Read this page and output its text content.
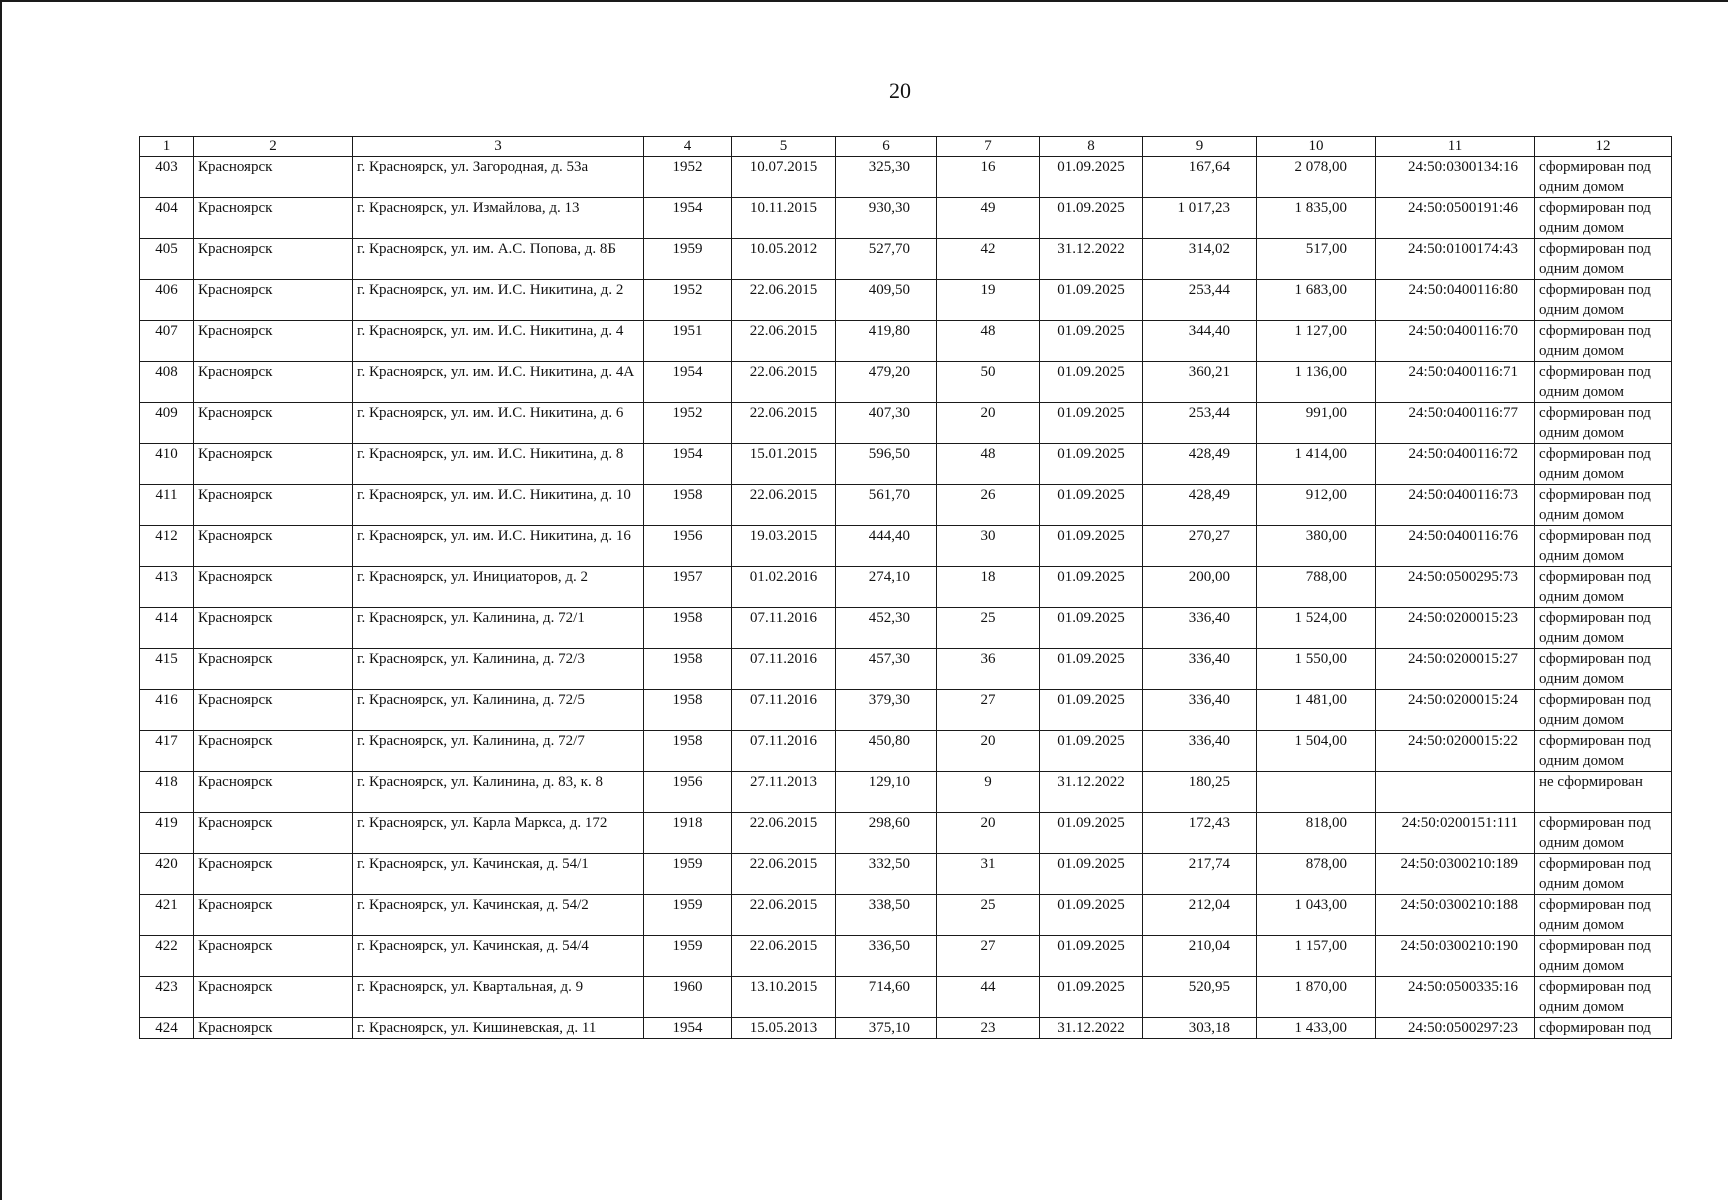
20
1	2	3	4	5	6	7	8	9	10	11	12
403	Красноярск	г. Красноярск, ул. Загородная, д. 53а	1952	10.07.2015	325,30	16	01.09.2025	167,64	2 078,00	24:50:0300134:16	сформирован под одним домом
404	Красноярск	г. Красноярск, ул. Измайлова, д. 13	1954	10.11.2015	930,30	49	01.09.2025	1 017,23	1 835,00	24:50:0500191:46	сформирован под одним домом
405	Красноярск	г. Красноярск, ул. им. А.С. Попова, д. 8Б	1959	10.05.2012	527,70	42	31.12.2022	314,02	517,00	24:50:0100174:43	сформирован под одним домом
406	Красноярск	г. Красноярск, ул. им. И.С. Никитина, д. 2	1952	22.06.2015	409,50	19	01.09.2025	253,44	1 683,00	24:50:0400116:80	сформирован под одним домом
407	Красноярск	г. Красноярск, ул. им. И.С. Никитина, д. 4	1951	22.06.2015	419,80	48	01.09.2025	344,40	1 127,00	24:50:0400116:70	сформирован под одним домом
408	Красноярск	г. Красноярск, ул. им. И.С. Никитина, д. 4А	1954	22.06.2015	479,20	50	01.09.2025	360,21	1 136,00	24:50:0400116:71	сформирован под одним домом
409	Красноярск	г. Красноярск, ул. им. И.С. Никитина, д. 6	1952	22.06.2015	407,30	20	01.09.2025	253,44	991,00	24:50:0400116:77	сформирован под одним домом
410	Красноярск	г. Красноярск, ул. им. И.С. Никитина, д. 8	1954	15.01.2015	596,50	48	01.09.2025	428,49	1 414,00	24:50:0400116:72	сформирован под одним домом
411	Красноярск	г. Красноярск, ул. им. И.С. Никитина, д. 10	1958	22.06.2015	561,70	26	01.09.2025	428,49	912,00	24:50:0400116:73	сформирован под одним домом
412	Красноярск	г. Красноярск, ул. им. И.С. Никитина, д. 16	1956	19.03.2015	444,40	30	01.09.2025	270,27	380,00	24:50:0400116:76	сформирован под одним домом
413	Красноярск	г. Красноярск, ул. Инициаторов, д. 2	1957	01.02.2016	274,10	18	01.09.2025	200,00	788,00	24:50:0500295:73	сформирован под одним домом
414	Красноярск	г. Красноярск, ул. Калинина, д. 72/1	1958	07.11.2016	452,30	25	01.09.2025	336,40	1 524,00	24:50:0200015:23	сформирован под одним домом
415	Красноярск	г. Красноярск, ул. Калинина, д. 72/3	1958	07.11.2016	457,30	36	01.09.2025	336,40	1 550,00	24:50:0200015:27	сформирован под одним домом
416	Красноярск	г. Красноярск, ул. Калинина, д. 72/5	1958	07.11.2016	379,30	27	01.09.2025	336,40	1 481,00	24:50:0200015:24	сформирован под одним домом
417	Красноярск	г. Красноярск, ул. Калинина, д. 72/7	1958	07.11.2016	450,80	20	01.09.2025	336,40	1 504,00	24:50:0200015:22	сформирован под одним домом
418	Красноярск	г. Красноярск, ул. Калинина, д. 83, к. 8	1956	27.11.2013	129,10	9	31.12.2022	180,25			не сформирован
419	Красноярск	г. Красноярск, ул. Карла Маркса, д. 172	1918	22.06.2015	298,60	20	01.09.2025	172,43	818,00	24:50:0200151:111	сформирован под одним домом
420	Красноярск	г. Красноярск, ул. Качинская, д. 54/1	1959	22.06.2015	332,50	31	01.09.2025	217,74	878,00	24:50:0300210:189	сформирован под одним домом
421	Красноярск	г. Красноярск, ул. Качинская, д. 54/2	1959	22.06.2015	338,50	25	01.09.2025	212,04	1 043,00	24:50:0300210:188	сформирован под одним домом
422	Красноярск	г. Красноярск, ул. Качинская, д. 54/4	1959	22.06.2015	336,50	27	01.09.2025	210,04	1 157,00	24:50:0300210:190	сформирован под одним домом
423	Красноярск	г. Красноярск, ул. Квартальная, д. 9	1960	13.10.2015	714,60	44	01.09.2025	520,95	1 870,00	24:50:0500335:16	сформирован под одним домом
424	Красноярск	г. Красноярск, ул. Кишиневская, д. 11	1954	15.05.2013	375,10	23	31.12.2022	303,18	1 433,00	24:50:0500297:23	сформирован под
